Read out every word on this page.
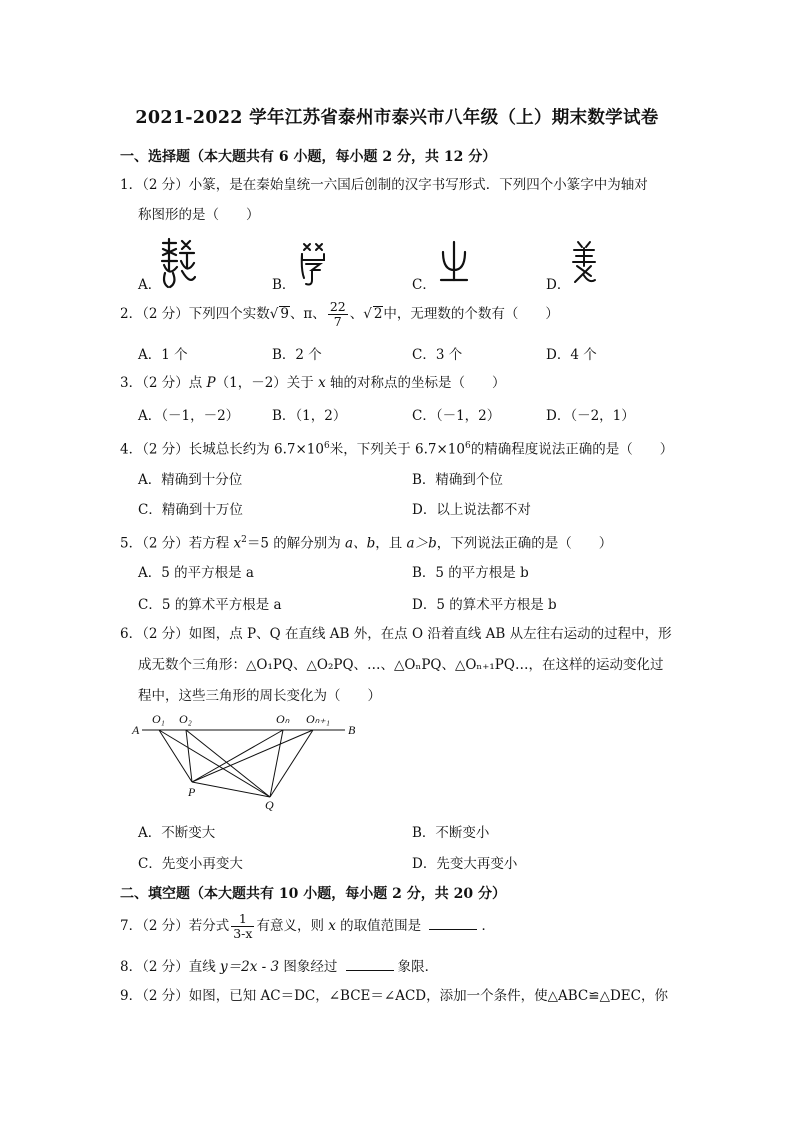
2021-2022 学年江苏省泰州市泰兴市八年级（上）期末数学试卷
一、选择题（本大题共有 6 小题，每小题 2 分，共 12 分）
1．（2 分）小篆，是在秦始皇统一六国后创制的汉字书写形式．下列四个小篆字中为轴对
称图形的是（　　）
A．	B．	C．	D．
2．（2 分）下列四个实数√ 9、π、 $\frac{22}{7}$ 、√ 2中，无理数的个数有（　　）
A．1 个	B．2 个	C．3 个	D．4 个
3．（2 分）点 P（1，－2）关于 x 轴的对称点的坐标是（　　）
A．（－1，－2） B．（1，2）	C．（－1，2）	D．（－2，1）
4．（2 分）长城总长约为 $6.7\times 10^6$米，下列关于 $6.7\times 10^6$的精确程度说法正确的是（　　）
A．精确到十分位	B．精确到个位
C．精确到十万位	D．以上说法都不对
5．（2 分）若方程 $x^2=5$ 的解分别为 a、b，且 a＞b，下列说法正确的是（　　）
A．5 的平方根是 a	B．5 的平方根是 b
C．5 的算术平方根是 a	D．5 的算术平方根是 b
6．（2 分）如图，点 P、Q 在直线 AB 外，在点 O 沿着直线 AB 从左往右运动的过程中，形
成无数个三角形：△O₁PQ、△O₂PQ、…、△OₙPQ、△Oₙ₊₁PQ…，在这样的运动变化过
程中，这些三角形的周长变化为（　　）
A	B
O₁ O₂	Oₙ Oₙ₊₁
P
Q
A．不断变大	B．不断变小
C．先变小再变大	D．先变大再变小
二、填空题（本大题共有 10 小题，每小题 2 分，共 20 分）
7．（2 分）若分式 $\frac{1}{3-x}$ 有意义，则 x 的取值范围是	．
8．（2 分）直线 y＝2x - 3 图象经过	象限．
9．（2 分）如图，已知 AC＝DC，∠BCE＝∠ACD，添加一个条件，使△ABC≌△DEC，你
